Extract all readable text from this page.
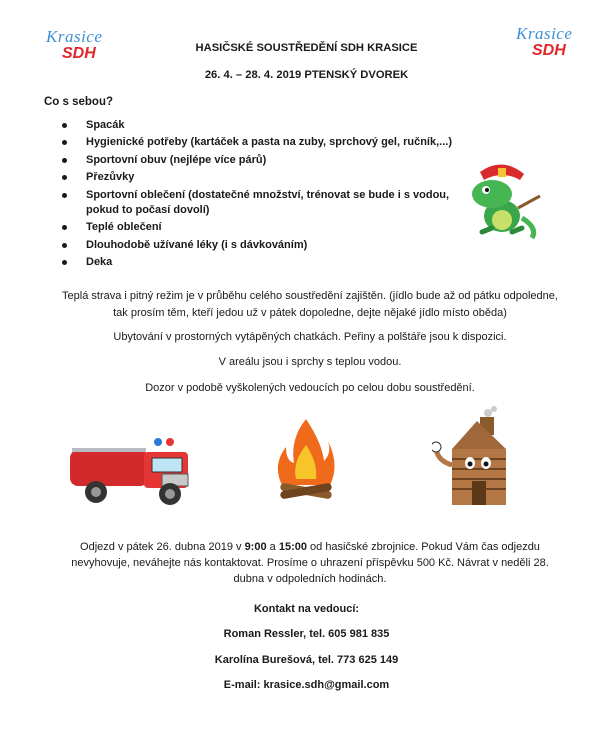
Krasice
SDH
Krasice
SDH
HASIČSKÉ SOUSTŘEDĚNÍ SDH KRASICE
26. 4. – 28. 4. 2019 PTENSKÝ DVOREK
Co s sebou?
Spacák
Hygienické potřeby (kartáček a pasta na zuby, sprchový gel, ručník,...)
Sportovní obuv (nejlépe více párů)
Přezůvky
Sportovní oblečení (dostatečné množství, trénovat se bude i s vodou, pokud to počasí dovolí)
Teplé oblečení
Dlouhodobě užívané léky (i s dávkováním)
Deka
Teplá strava i pitný režim je v průběhu celého soustředění zajištěn. (jídlo bude až od pátku odpoledne, tak prosím těm, kteří jedou už v pátek dopoledne, dejte nějaké jídlo místo oběda)
Ubytování v prostorných vytápěných chatkách. Peřiny a polštáře jsou k dispozici.
V areálu jsou i sprchy s teplou vodou.
Dozor v podobě vyškolených vedoucích po celou dobu soustředění.
Odjezd v pátek 26. dubna 2019 v 9:00 a 15:00 od hasičské zbrojnice. Pokud Vám čas odjezdu nevyhovuje, neváhejte nás kontaktovat. Prosíme o uhrazení příspěvku 500 Kč. Návrat v neděli 28. dubna v odpoledních hodinách.
Kontakt na vedoucí:
Roman Ressler, tel. 605 981 835
Karolína Burešová, tel. 773 625 149
E-mail: krasice.sdh@gmail.com
